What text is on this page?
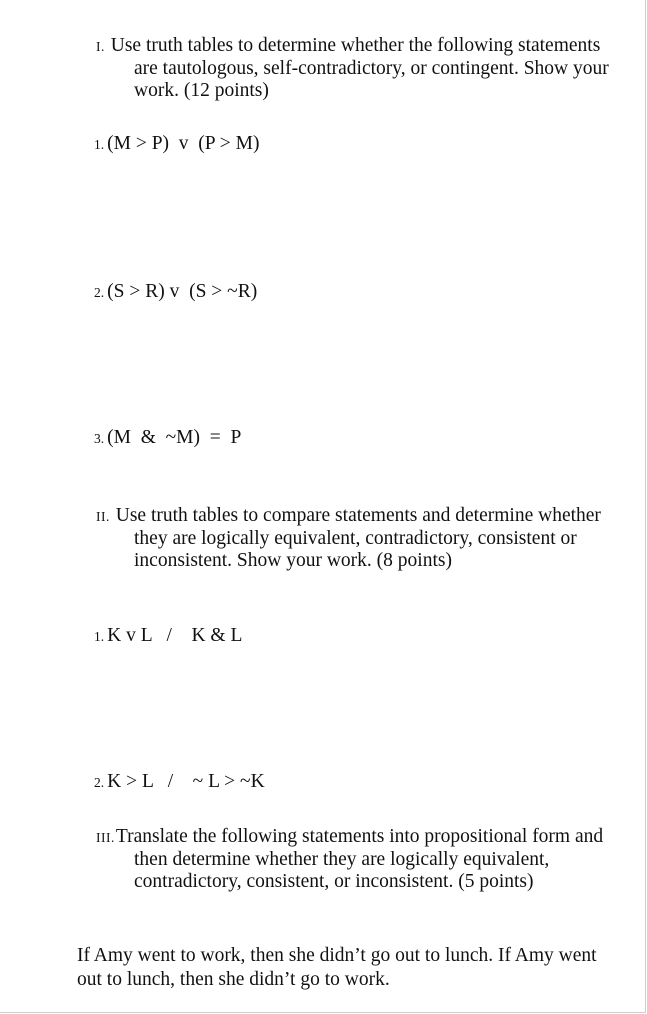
I. Use truth tables to determine whether the following statements are tautologous, self-contradictory, or contingent. Show your work. (12 points)

1. (M > P)  v  (P > M)

2. (S > R) v  (S > ~R)

3. (M  &  ~M)  =  P

II. Use truth tables to compare statements and determine whether they are logically equivalent, contradictory, consistent or inconsistent. Show your work. (8 points)

1. K v L   /    K & L

2. K > L   /    ~ L > ~K

III.Translate the following statements into propositional form and then determine whether they are logically equivalent, contradictory, consistent, or inconsistent. (5 points)

If Amy went to work, then she didn’t go out to lunch. If Amy went out to lunch, then she didn’t go to work.
